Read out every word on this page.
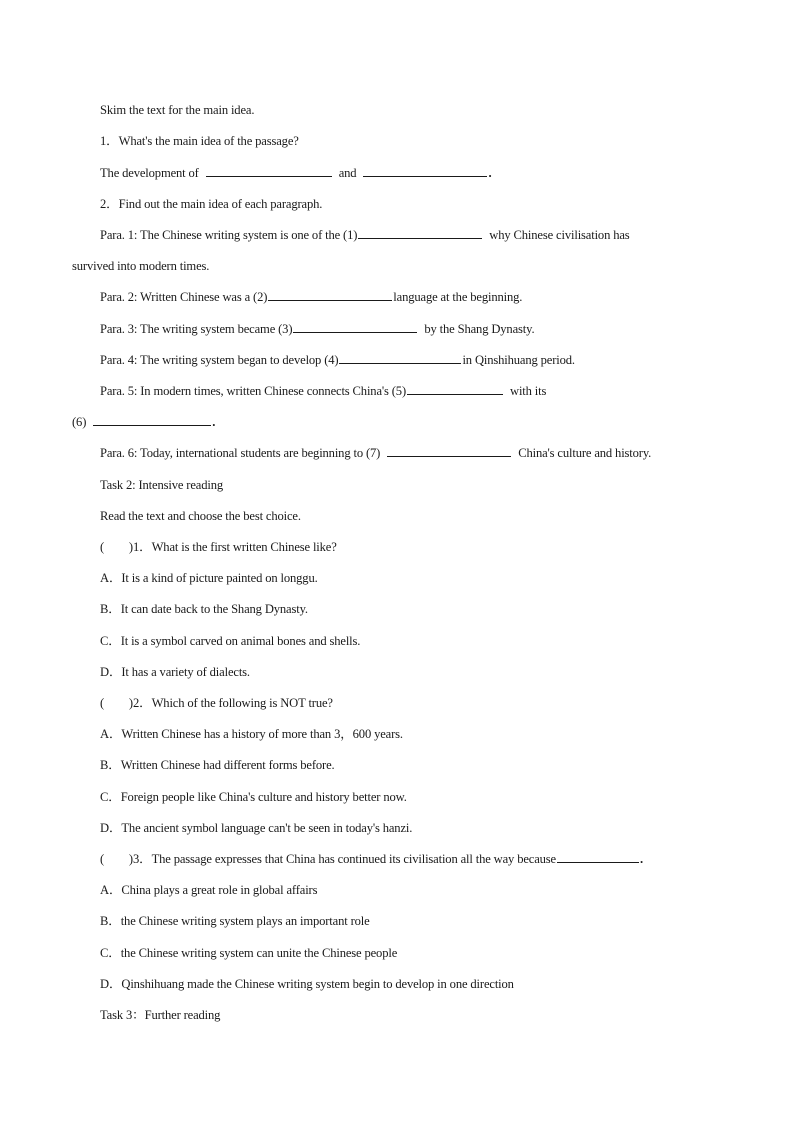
Skim the text for the main idea.
1．What's the main idea of the passage?
The development of	and	.
2．Find out the main idea of each paragraph.
Para. 1: The Chinese writing system is one of the (1)	why Chinese civilisation has
survived into modern times.
Para. 2: Written Chinese was a (2)	language at the beginning.
Para. 3: The writing system became (3)	by the Shang Dynasty.
Para. 4: The writing system began to develop (4)	in Qinshihuang period.
Para. 5: In modern times, written Chinese connects China's (5)	with its
(6)	.
Para. 6: Today, international students are beginning to (7)	China's culture and history.
Task 2: Intensive reading
Read the text and choose the best choice.
(　　)1．What is the first written Chinese like?
A．It is a kind of picture painted on longgu.
B．It can date back to the Shang Dynasty.
C．It is a symbol carved on animal bones and shells.
D．It has a variety of dialects.
(　　)2．Which of the following is NOT true?
A．Written Chinese has a history of more than 3，600 years.
B．Written Chinese had different forms before.
C．Foreign people like China's culture and history better now.
D．The ancient symbol language can't be seen in today's hanzi.
(　　)3．The passage expresses that China has continued its civilisation all the way because	.
A．China plays a great role in global affairs
B．the Chinese writing system plays an important role
C．the Chinese writing system can unite the Chinese people
D．Qinshihuang made the Chinese writing system begin to develop in one direction
Task 3：Further reading
